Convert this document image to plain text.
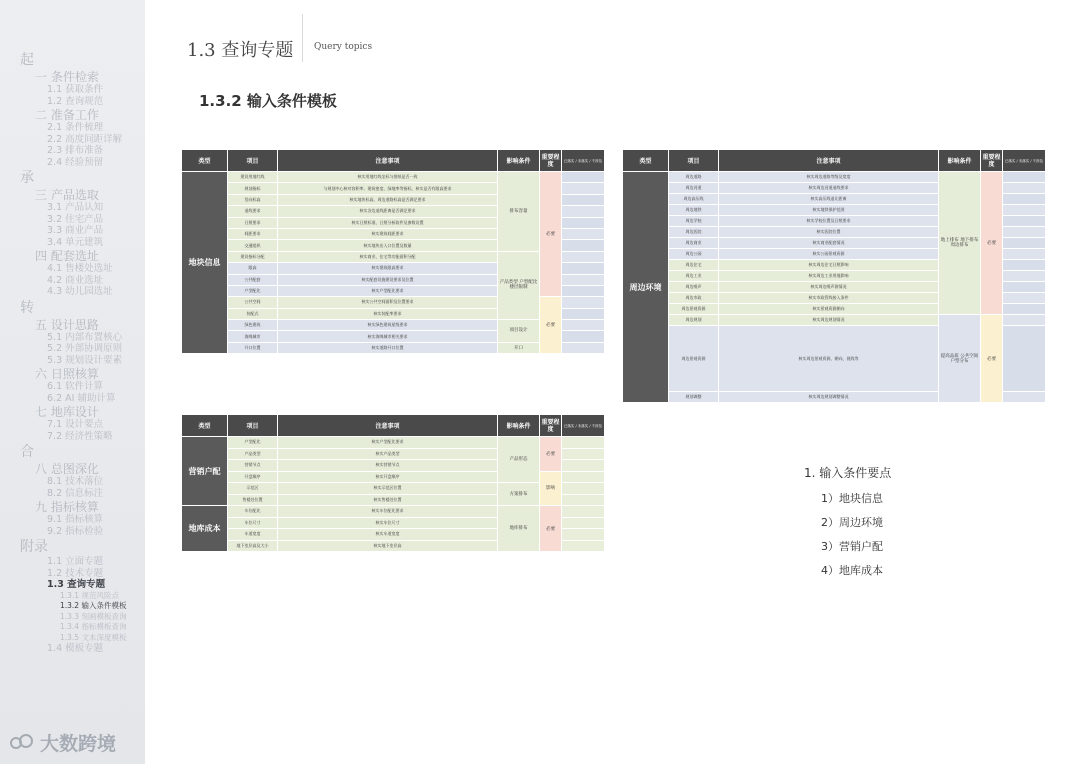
起
一 条件检索
1.1 获取条件
1.2 查询规范
二 准备工作
2.1 条件梳理
2.2 高度间距详解
2.3 排布准备
2.4 经验预留
承
三 产品选取
3.1 产品认知
3.2 住宅产品
3.3 商业产品
3.4 单元建筑
四 配套选址
4.1 售楼处选址
4.2 商业选址
4.3 幼儿园选址
转
五 设计思路
5.1 内部布置核心
5.2 外部协调原则
5.3 规划设计要素
六 日照核算
6.1 软件计算
6.2 AI 辅助计算
七 地库设计
7.1 设计要点
7.2 经济性策略
合
八 总图深化
8.1 技术落位
8.2 信息标注
九 指标核算
9.1 指标核算
9.2 指标检验
附录
1.1 立面专题
1.2 技术专题
1.3 查询专题
1.3.1 规范风险点
1.3.2 输入条件模板
1.3.3 刻画模板查询
1.3.4 指标模板查询
1.3.5 文本深度模板
1.4 模板专题
大数跨境
1.3 查询专题 Query topics
1.3.2 输入条件模板
类型	项目	注意事项	影响条件	重要程度	已落实 / 未落实 / 不涉及
地块信息	建设用地红线	核实用地红线坐标与图纸是否一致	排布容量	必要	
	规划指标	与规划中心核对容积率、建筑密度、绿地率等指标，核实是否有限高要求			
	竖向标高	核实地块标高，周边道路标高是否满足要求			
	退线要求	核实各边退线距离是否满足要求			
	日照要求	核实日照标准，日照分析软件及参数设置			
	间距要求	核实建筑间距要求			
	交通组织	核实地块出入口位置及数量			
	建设指标分配	核实商业、住宅等功能面积分配	产品类型 户型配比 楼层限制		
	限高	核实建筑限高要求			
	公共配套	核实配套设施建设要求及位置			
	户型配比	核实户型配比要求			
	公共空间	核实公共空间面积及位置要求		必要	
	装配式	核实装配率要求			
	绿色建筑	核实绿色建筑星级要求	项目设计		
	海绵城市	核实海绵城市相关要求			
	开口位置	核实道路开口位置	开口		
类型	项目	注意事项	影响条件	重要程度	已落实 / 未落实 / 不涉及
周边环境	周边道路	核实周边道路等级及宽度	地上排布 地下排布 周边排布	必要	
	周边河道	核实周边河道退线要求			
	周边高压线	核实高压线退让距离			
	周边地铁	核实地铁保护范围			
	周边学校	核实学校位置及日照要求			
	周边医院	核实医院位置			
	周边商业	核实商业配套情况			
	周边公园	核实公园景观资源			
	周边住宅	核实周边住宅日照影响			
	周边工业	核实周边工业用地影响			
	周边噪声	核实周边噪声源情况			
	周边市政	核实市政管线接入条件			
	周边景观资源	核实景观资源朝向			
	周边规划	核实周边规划情况	提高品质 公共空间 户型分布	必要	
	周边景观资源	核实周边景观资源、朝向、视线等			
	规划调整	核实周边规划调整情况			
类型	项目	注意事项	影响条件	重要程度	已落实 / 未落实 / 不涉及
营销户配	户型配比	核实户型配比要求	产品形态	必要	
	产品类型	核实产品类型			
	营销节点	核实营销节点			
	开盘顺序	核实开盘顺序		影响	
	示范区	核实示范区位置	方案排布		
	售楼处位置	核实售楼处位置			
地库成本	车位配比	核实车位配比要求	地库排布	必要	
	车位尺寸	核实车位尺寸			
	车道宽度	核实车道宽度			
	地下室层高及大小	核实地下室层高			
1. 输入条件要点
1）地块信息
2）周边环境
3）营销户配
4）地库成本
